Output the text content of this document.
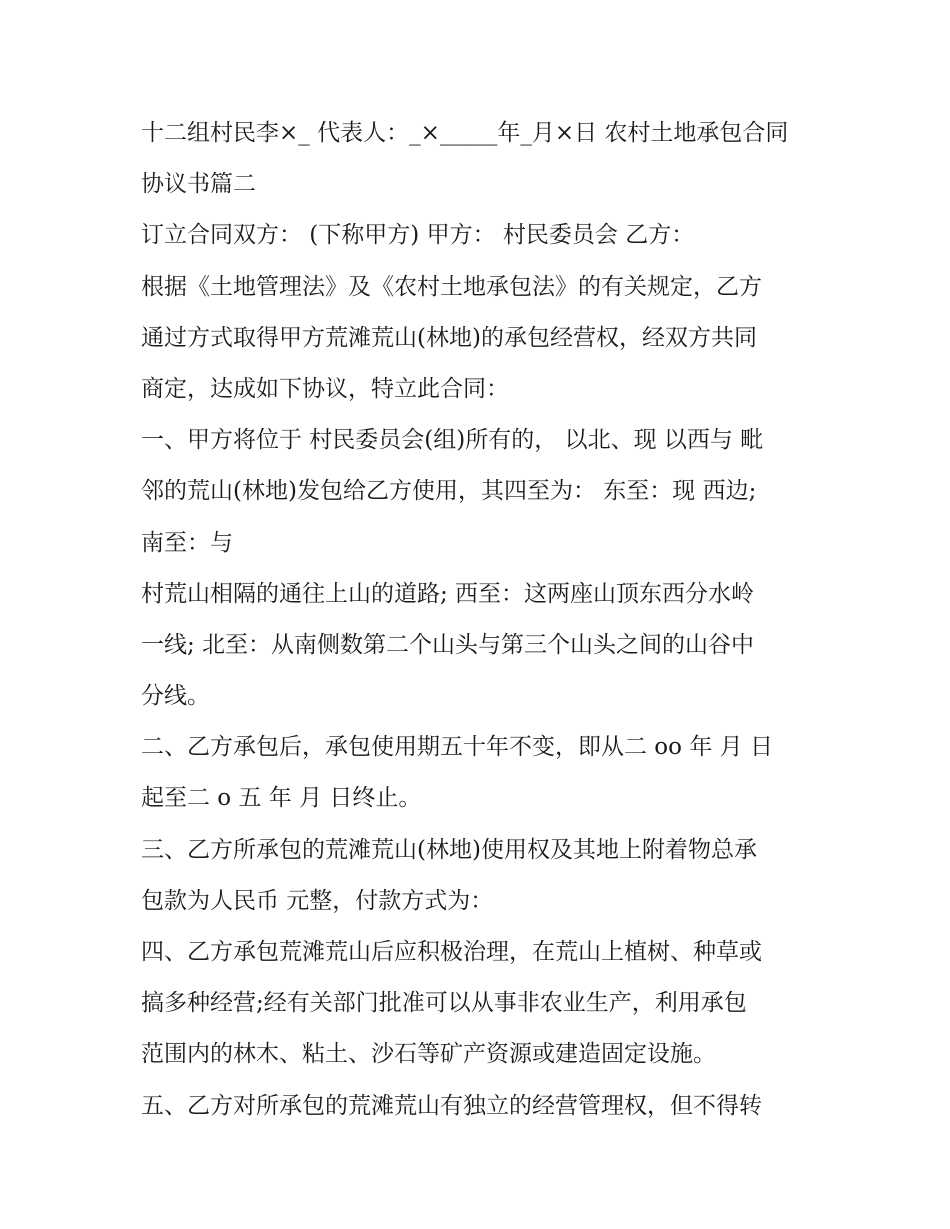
十二组村民李×_ 代表人：_×_____年_月×日 农村土地承包合同
协议书篇二
订立合同双方： (下称甲方) 甲方： 村民委员会 乙方：
根据《土地管理法》及《农村土地承包法》的有关规定，乙方
通过方式取得甲方荒滩荒山(林地)的承包经营权，经双方共同
商定，达成如下协议，特立此合同：
一、甲方将位于 村民委员会(组)所有的， 以北、现 以西与 毗
邻的荒山(林地)发包给乙方使用，其四至为： 东至：现 西边;
南至：与
村荒山相隔的通往上山的道路; 西至：这两座山顶东西分水岭
一线; 北至：从南侧数第二个山头与第三个山头之间的山谷中
分线。
二、乙方承包后，承包使用期五十年不变，即从二 oo 年 月 日
起至二 o 五 年 月 日终止。
三、乙方所承包的荒滩荒山(林地)使用权及其地上附着物总承
包款为人民币 元整，付款方式为：
四、乙方承包荒滩荒山后应积极治理，在荒山上植树、种草或
搞多种经营;经有关部门批准可以从事非农业生产，利用承包
范围内的林木、粘土、沙石等矿产资源或建造固定设施。
五、乙方对所承包的荒滩荒山有独立的经营管理权，但不得转
